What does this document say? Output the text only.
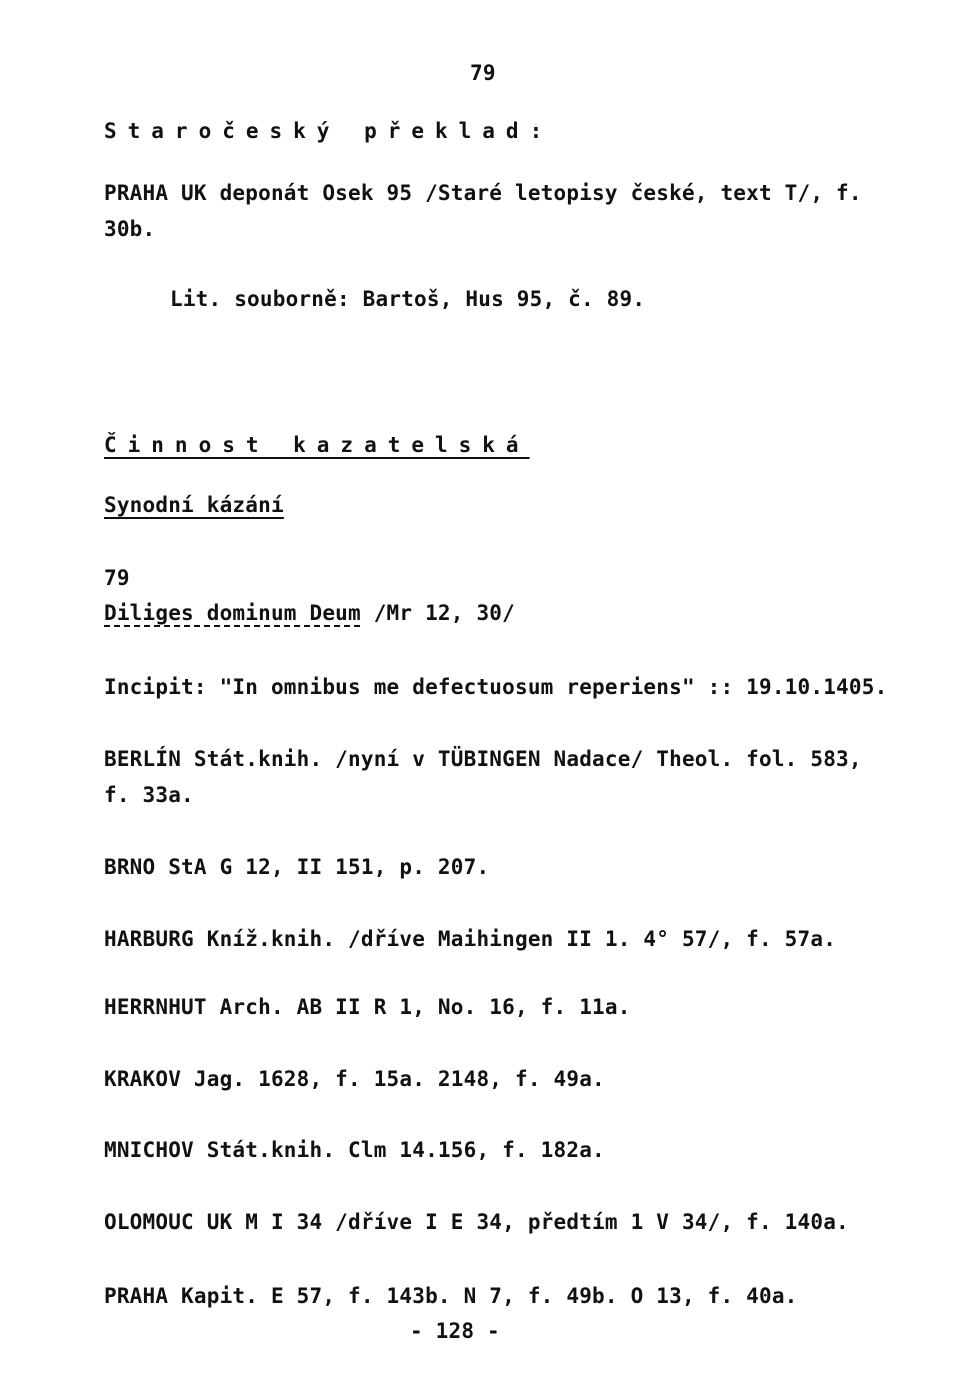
79
Staročeský překlad:
PRAHA UK deponát Osek 95 /Staré letopisy české, text T/, f.
30b.
Lit. souborně: Bartoš, Hus 95, č. 89.
Činnost kazatelská
Synodní kázání
79
Diliges dominum Deum /Mr 12, 30/
Incipit: "In omnibus me defectuosum reperiens" :: 19.10.1405.
BERLÍN Stát.knih. /nyní v TÜBINGEN Nadace/ Theol. fol. 583,
f. 33a.
BRNO StA G 12, II 151, p. 207.
HARBURG Kníž.knih. /dříve Maihingen II 1. 4° 57/, f. 57a.
HERRNHUT Arch. AB II R 1, No. 16, f. 11a.
KRAKOV Jag. 1628, f. 15a. 2148, f. 49a.
MNICHOV Stát.knih. Clm 14.156, f. 182a.
OLOMOUC UK M I 34 /dříve I E 34, předtím 1 V 34/, f. 140a.
PRAHA Kapit. E 57, f. 143b. N 7, f. 49b. O 13, f. 40a.
- 128 -
